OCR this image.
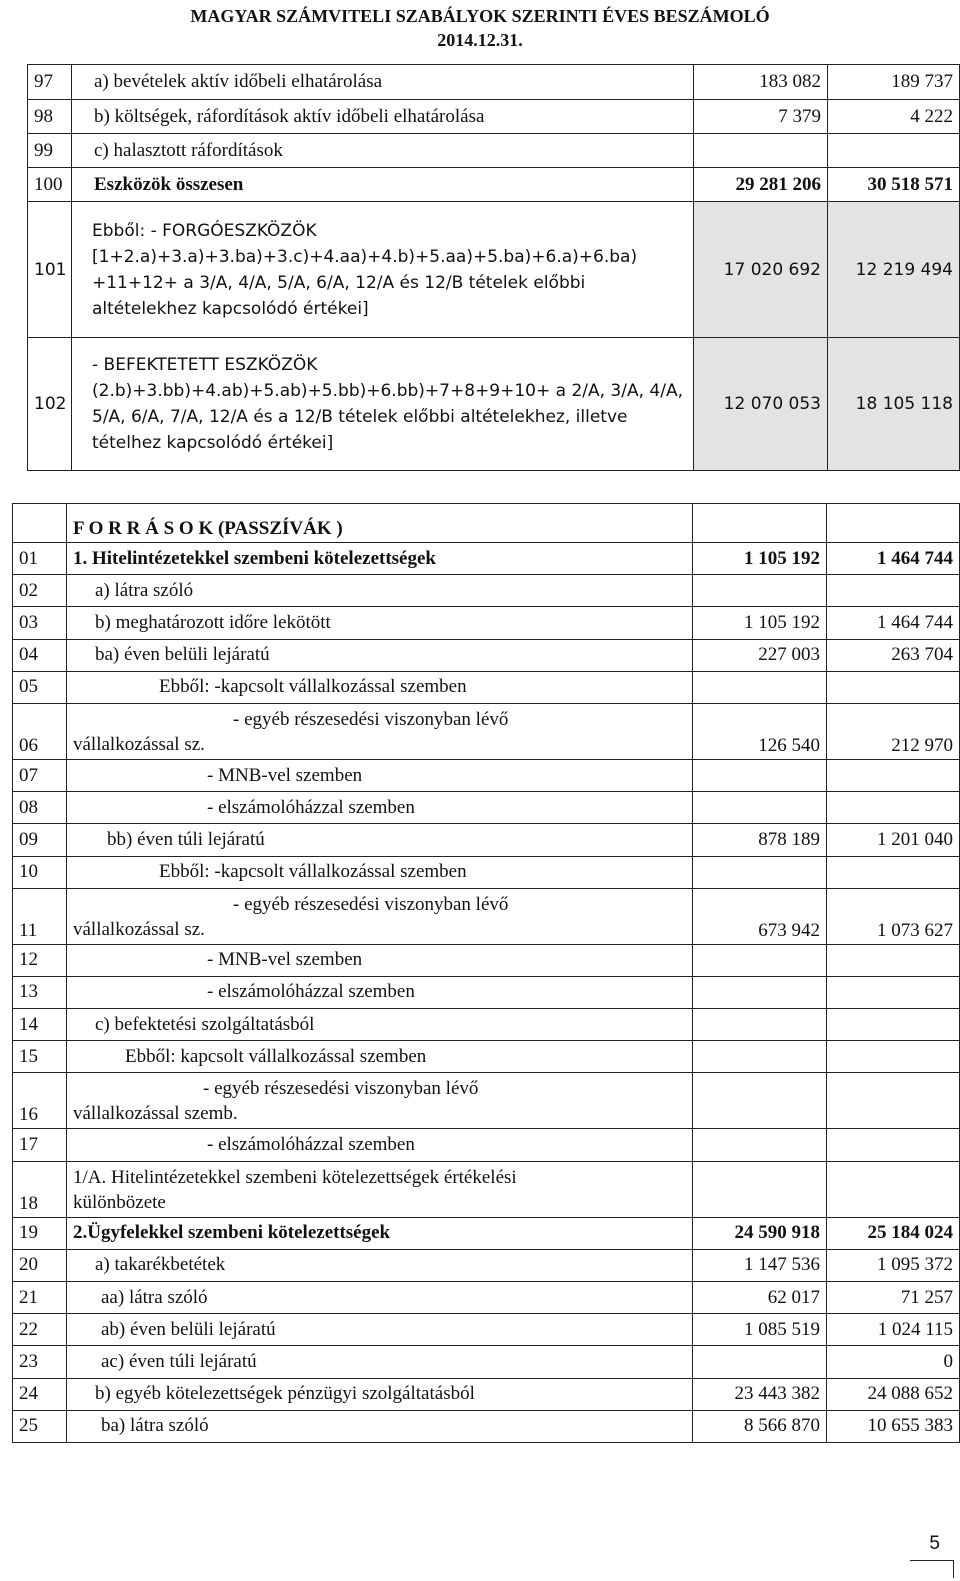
MAGYAR SZÁMVITELI SZABÁLYOK SZERINTI ÉVES BESZÁMOLÓ
2014.12.31.
97	a) bevételek aktív időbeli elhatárolása	183 082	189 737
98	b) költségek, ráfordítások aktív időbeli elhatárolása	7 379	4 222
99	c) halasztott ráfordítások		
100	Eszközök összesen	29 281 206	30 518 571
101	Ebből: - FORGÓESZKÖZÖK [1+2.a)+3.a)+3.ba)+3.c)+4.aa)+4.b)+5.aa)+5.ba)+6.a)+6.ba) +11+12+ a 3/A, 4/A, 5/A, 6/A, 12/A és 12/B tételek előbbi altételekhez kapcsolódó értékei]	17 020 692	12 219 494
102	- BEFEKTETETT ESZKÖZÖK (2.b)+3.bb)+4.ab)+5.ab)+5.bb)+6.bb)+7+8+9+10+ a 2/A, 3/A, 4/A, 5/A, 6/A, 7/A, 12/A és a 12/B tételek előbbi altételekhez, illetve tételhez kapcsolódó értékei]	12 070 053	18 105 118
	F O R R Á S O K (PASSZÍVÁK )		
01	1. Hitelintézetekkel szembeni kötelezettségek	1 105 192	1 464 744
02	a) látra szóló		
03	b) meghatározott időre lekötött	1 105 192	1 464 744
04	ba) éven belüli lejáratú	227 003	263 704
05	Ebből: -kapcsolt vállalkozással szemben		
06	- egyéb részesedési viszonyban lévő
vállalkozással sz.	126 540	212 970
07	- MNB-vel szemben		
08	- elszámolóházzal szemben		
09	bb) éven túli lejáratú	878 189	1 201 040
10	Ebből: -kapcsolt vállalkozással szemben		
11	- egyéb részesedési viszonyban lévő
vállalkozással sz.	673 942	1 073 627
12	- MNB-vel szemben		
13	- elszámolóházzal szemben		
14	c) befektetési szolgáltatásból		
15	Ebből: kapcsolt vállalkozással szemben		
16	- egyéb részesedési viszonyban lévő
vállalkozással szemb.		

17	- elszámolóházzal szemben		
18	1/A. Hitelintézetekkel szembeni kötelezettségek értékelési
különbözete		

19	2.Ügyfelekkel szembeni kötelezettségek	24 590 918	25 184 024
20	a) takarékbetétek	1 147 536	1 095 372
21	aa) látra szóló	62 017	71 257
22	ab) éven belüli lejáratú	1 085 519	1 024 115
23	ac) éven túli lejáratú		0
24	b) egyéb kötelezettségek pénzügyi szolgáltatásból	23 443 382	24 088 652
25	ba) látra szóló	8 566 870	10 655 383
5
